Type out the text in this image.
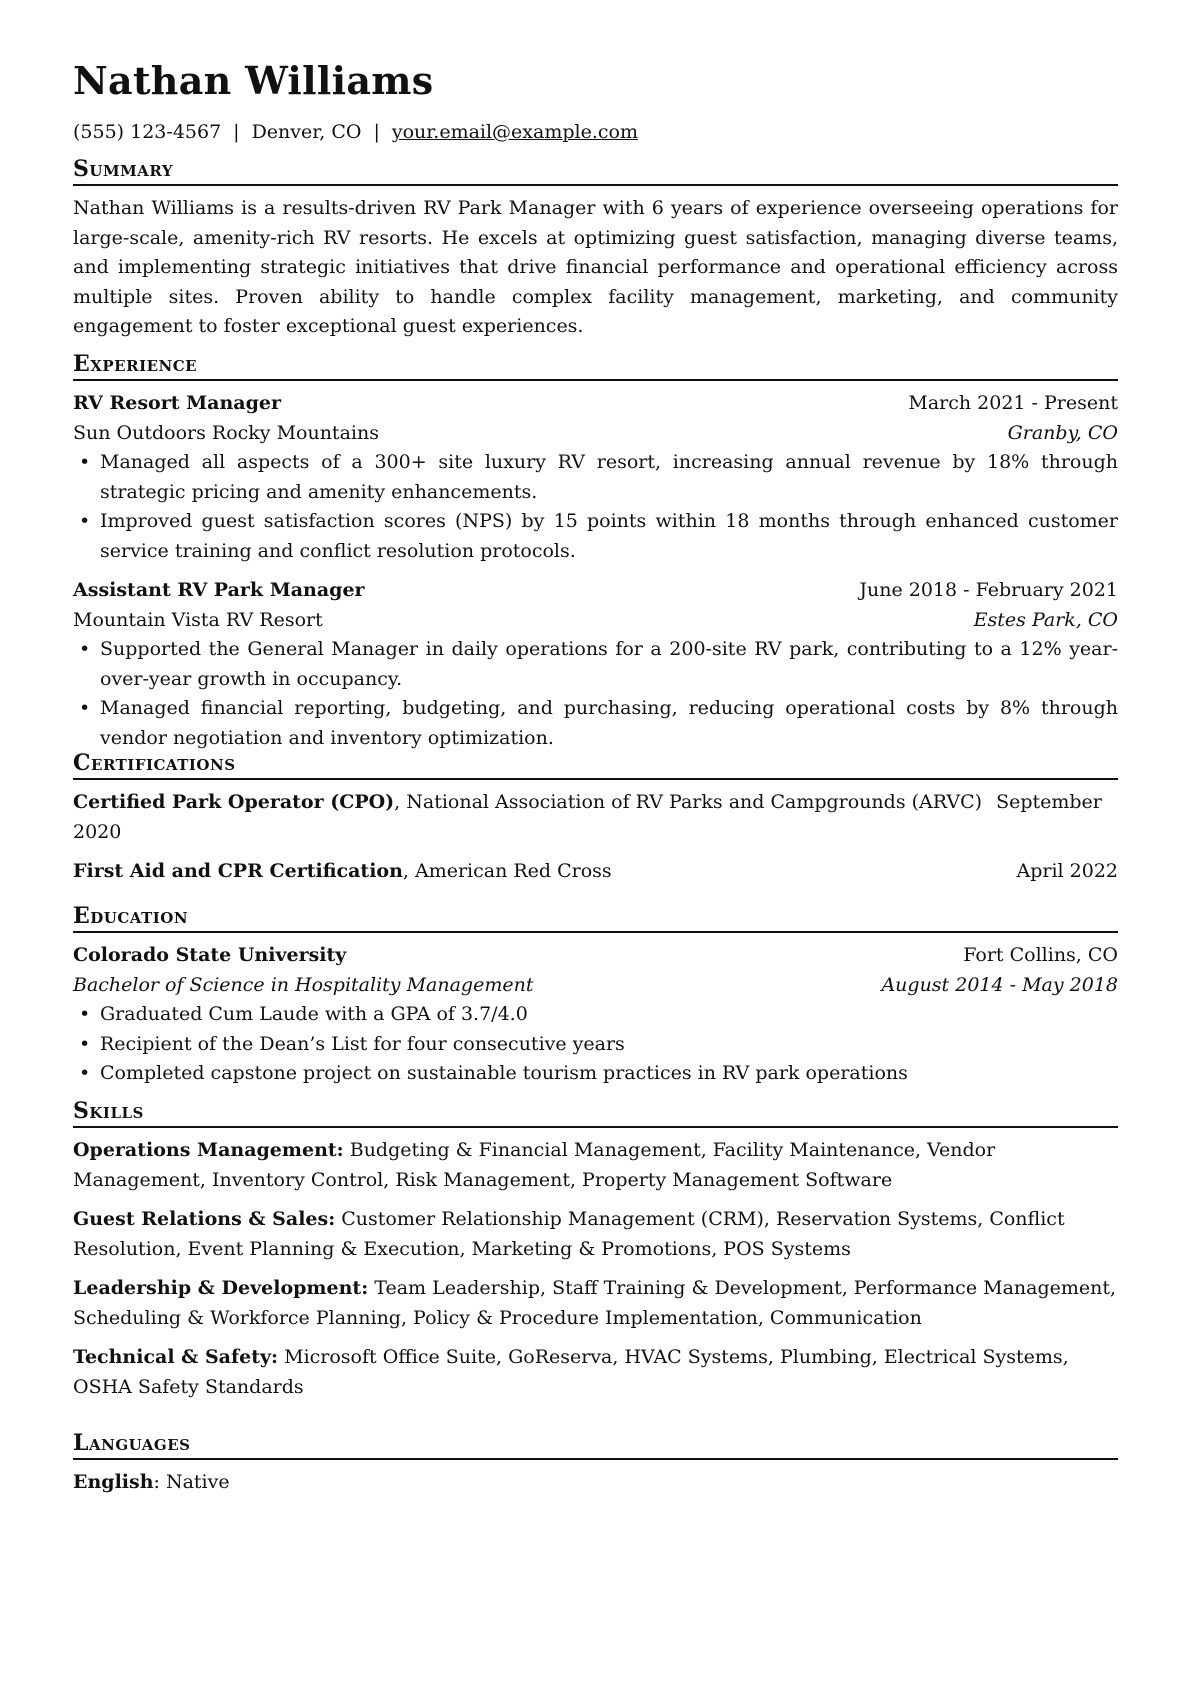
Nathan Williams
(555) 123-4567 | Denver, CO | your.email@example.com
Summary
Nathan Williams is a results-driven RV Park Manager with 6 years of experience overseeing operations for large-scale, amenity-rich RV resorts. He excels at optimizing guest satisfaction, managing diverse teams, and implementing strategic initiatives that drive financial performance and operational efficiency across multiple sites. Proven ability to handle complex facility management, marketing, and community engagement to foster exceptional guest experiences.
Experience
RV Resort Manager	March 2021 - Present
Sun Outdoors Rocky Mountains	Granby, CO
• Managed all aspects of a 300+ site luxury RV resort, increasing annual revenue by 18% through strategic pricing and amenity enhancements.
• Improved guest satisfaction scores (NPS) by 15 points within 18 months through enhanced customer service training and conflict resolution protocols.
Assistant RV Park Manager	June 2018 - February 2021
Mountain Vista RV Resort	Estes Park, CO
• Supported the General Manager in daily operations for a 200-site RV park, contributing to a 12% year-over-year growth in occupancy.
• Managed financial reporting, budgeting, and purchasing, reducing operational costs by 8% through vendor negotiation and inventory optimization.
Certifications
Certified Park Operator (CPO), National Association of RV Parks and Campgrounds (ARVC) September 2020
First Aid and CPR Certification, American Red Cross	April 2022
Education
Colorado State University	Fort Collins, CO
Bachelor of Science in Hospitality Management	August 2014 - May 2018
• Graduated Cum Laude with a GPA of 3.7/4.0
• Recipient of the Dean’s List for four consecutive years
• Completed capstone project on sustainable tourism practices in RV park operations
Skills
Operations Management: Budgeting & Financial Management, Facility Maintenance, Vendor Management, Inventory Control, Risk Management, Property Management Software
Guest Relations & Sales: Customer Relationship Management (CRM), Reservation Systems, Conflict Resolution, Event Planning & Execution, Marketing & Promotions, POS Systems
Leadership & Development: Team Leadership, Staff Training & Development, Performance Management, Scheduling & Workforce Planning, Policy & Procedure Implementation, Communication
Technical & Safety: Microsoft Office Suite, GoReserva, HVAC Systems, Plumbing, Electrical Systems, OSHA Safety Standards
Languages
English: Native
